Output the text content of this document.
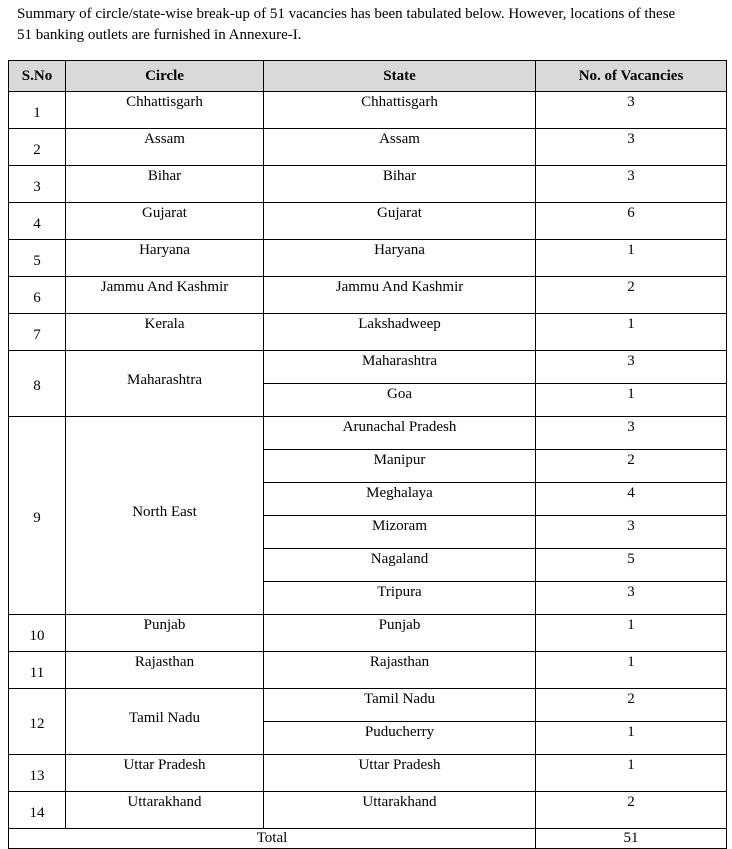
Summary of circle/state-wise break-up of 51 vacancies has been tabulated below. However, locations of these
51 banking outlets are furnished in Annexure-I.

S.No	Circle	State	No. of Vacancies
1	Chhattisgarh	Chhattisgarh	3
2	Assam	Assam	3
3	Bihar	Bihar	3
4	Gujarat	Gujarat	6
5	Haryana	Haryana	1
6	Jammu And Kashmir	Jammu And Kashmir	2
7	Kerala	Lakshadweep	1
8	Maharashtra	Maharashtra	3
		Goa	1
9	North East	Arunachal Pradesh	3
		Manipur	2
		Meghalaya	4
		Mizoram	3
		Nagaland	5
		Tripura	3
10	Punjab	Punjab	1
11	Rajasthan	Rajasthan	1
12	Tamil Nadu	Tamil Nadu	2
		Puducherry	1
13	Uttar Pradesh	Uttar Pradesh	1
14	Uttarakhand	Uttarakhand	2
Total			51
